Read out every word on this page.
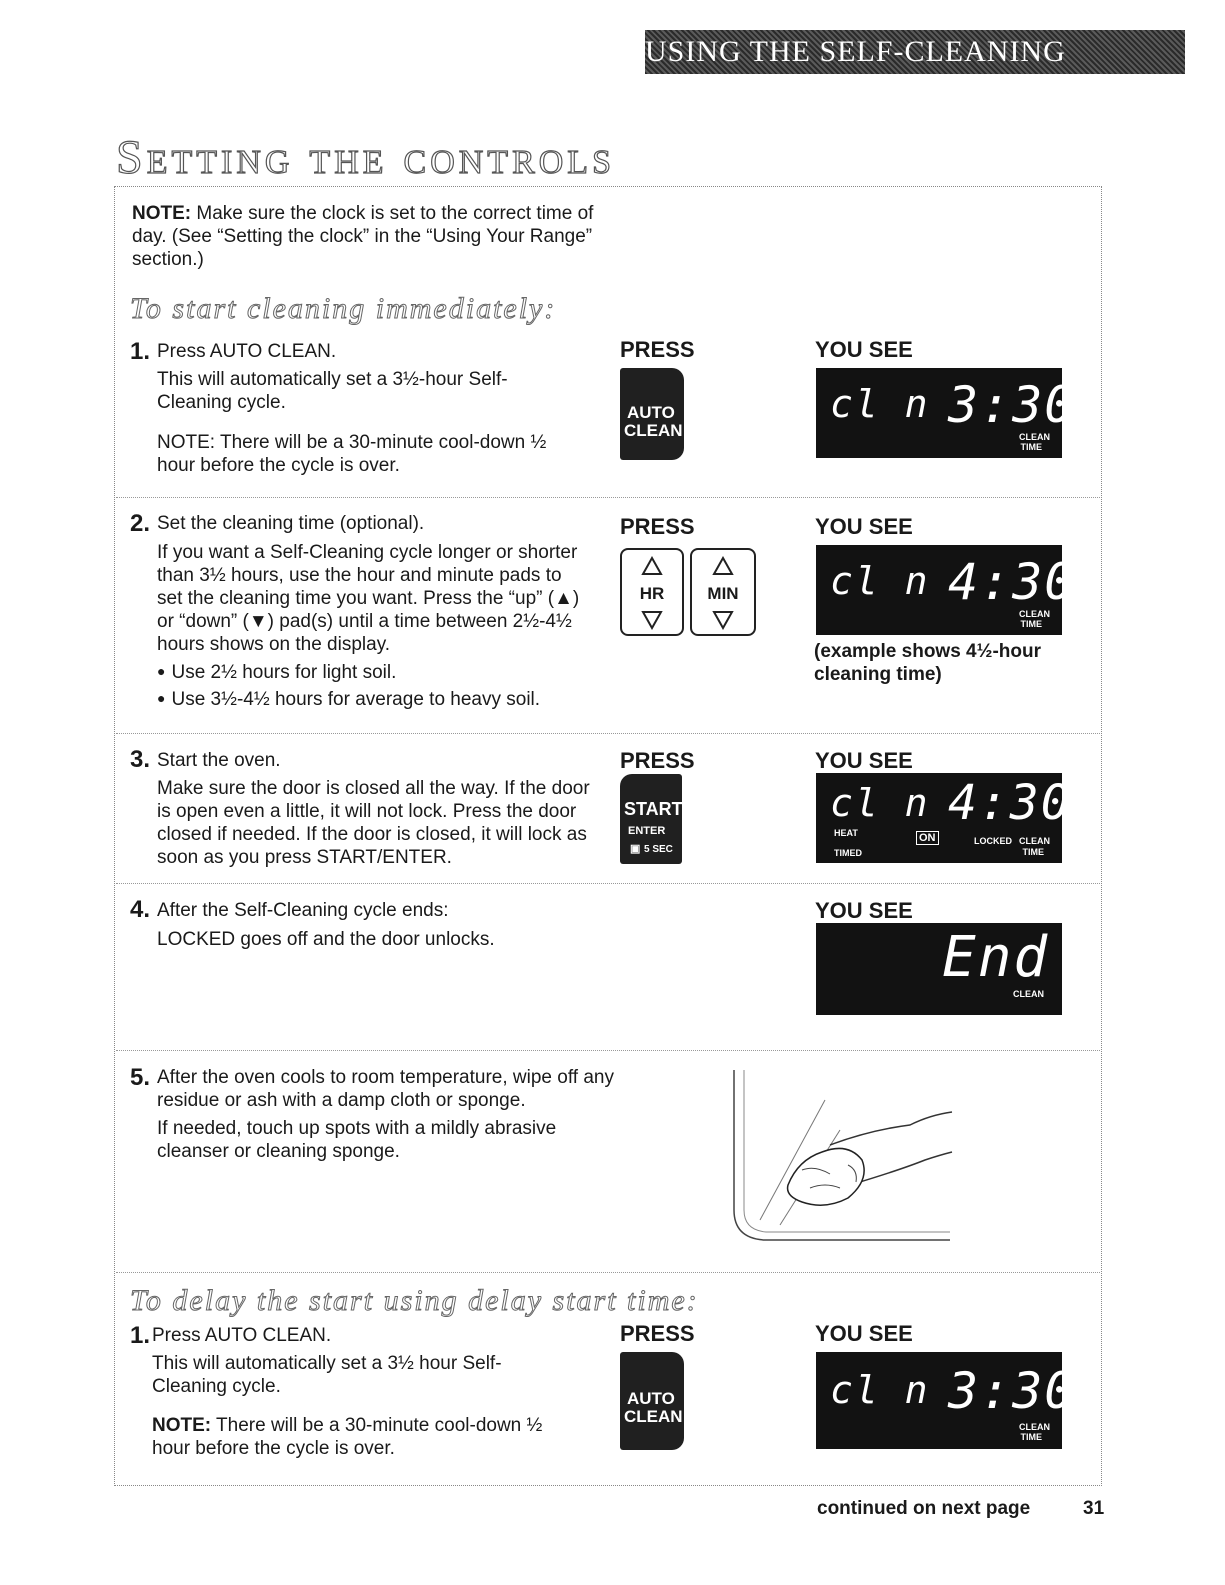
USING THE SELF-CLEANING CYCLE
Setting the controls
NOTE: Make sure the clock is set to the correct time of day. (See “Setting the clock” in the “Using Your Range” section.)
To start cleaning immediately:
1. Press AUTO CLEAN.
This will automatically set a 3½-hour Self-Cleaning cycle.
NOTE: There will be a 30-minute cool-down ½ hour before the cycle is over.
PRESS	YOU SEE
AUTO
CLEAN
cl n 3:30
CLEAN
TIME
2. Set the cleaning time (optional).
If you want a Self-Cleaning cycle longer or shorter than 3½ hours, use the hour and minute pads to set the cleaning time you want. Press the “up” (▲) or “down” (▼) pad(s) until a time between 2½-4½ hours shows on the display.
● Use 2½ hours for light soil.
● Use 3½-4½ hours for average to heavy soil.
PRESS	YOU SEE
HR	MIN	cl n 4:30
CLEAN
TIME
(example shows 4½-hour cleaning time)
3. Start the oven.
Make sure the door is closed all the way. If the door is open even a little, it will not lock. Press the door closed if needed. If the door is closed, it will lock as soon as you press START/ENTER.
PRESS	YOU SEE
START
ENTER
▣ 5 SEC
cl n 4:30
HEAT
TIMED
ON	LOCKED CLEAN
TIME
4. After the Self-Cleaning cycle ends:
LOCKED goes off and the door unlocks.
YOU SEE
End
CLEAN
5. After the oven cools to room temperature, wipe off any residue or ash with a damp cloth or sponge.
If needed, touch up spots with a mildly abrasive cleanser or cleaning sponge.
To delay the start using delay start time:
1. Press AUTO CLEAN.
This will automatically set a 3½ hour Self-Cleaning cycle.
NOTE: There will be a 30-minute cool-down ½ hour before the cycle is over.
PRESS	YOU SEE
AUTO
CLEAN
cl n 3:30
CLEAN
TIME
continued on next page	31
